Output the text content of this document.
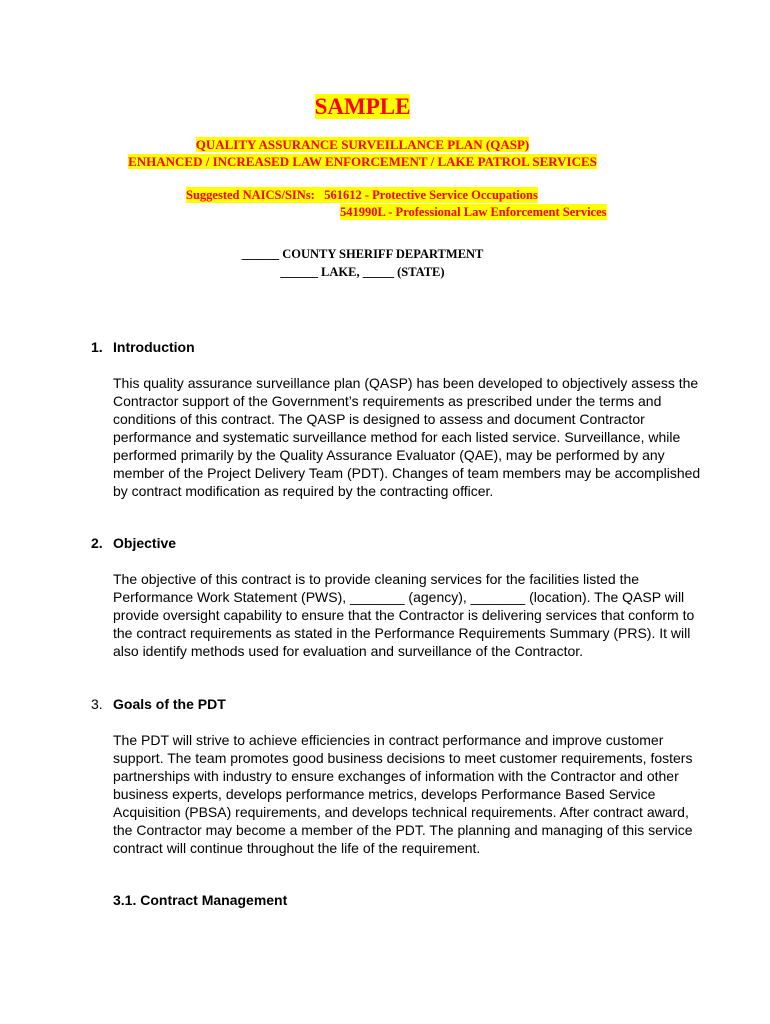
SAMPLE
QUALITY ASSURANCE SURVEILLANCE PLAN (QASP)
ENHANCED / INCREASED LAW ENFORCEMENT / LAKE PATROL SERVICES
Suggested NAICS/SINs: 561612 - Protective Service Occupations
541990L - Professional Law Enforcement Services
______ COUNTY SHERIFF DEPARTMENT
______ LAKE, _____ (STATE)
1. Introduction

This quality assurance surveillance plan (QASP) has been developed to objectively assess the Contractor support of the Government’s requirements as prescribed under the terms and conditions of this contract. The QASP is designed to assess and document Contractor performance and systematic surveillance method for each listed service. Surveillance, while performed primarily by the Quality Assurance Evaluator (QAE), may be performed by any member of the Project Delivery Team (PDT). Changes of team members may be accomplished by contract modification as required by the contracting officer.

2. Objective

The objective of this contract is to provide cleaning services for the facilities listed the Performance Work Statement (PWS), _______ (agency), _______ (location). The QASP will provide oversight capability to ensure that the Contractor is delivering services that conform to the contract requirements as stated in the Performance Requirements Summary (PRS). It will also identify methods used for evaluation and surveillance of the Contractor.

3. Goals of the PDT

The PDT will strive to achieve efficiencies in contract performance and improve customer support. The team promotes good business decisions to meet customer requirements, fosters partnerships with industry to ensure exchanges of information with the Contractor and other business experts, develops performance metrics, develops Performance Based Service Acquisition (PBSA) requirements, and develops technical requirements. After contract award, the Contractor may become a member of the PDT. The planning and managing of this service contract will continue throughout the life of the requirement.

3.1. Contract Management
